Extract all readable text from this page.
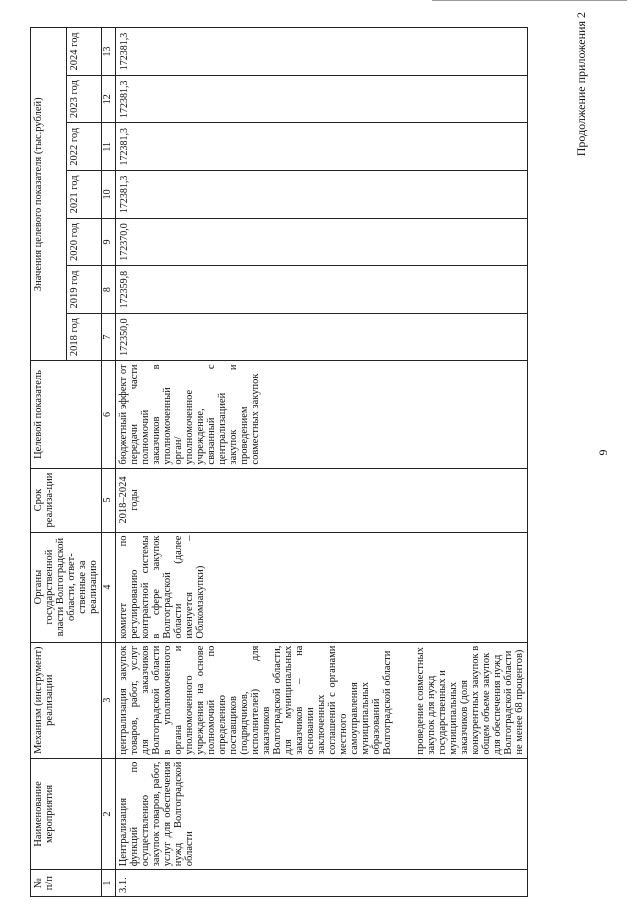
9
Продолжение приложения 2
№ п/п	Наименование мероприятия	Механизм (инструмент) реализации	Органы государственной власти Волгоградской области, ответ-ственные за реализацию	Срок реализа-ции	Целевой показатель	Значения целевого показателя (тыс.рублей)						
						2018 год	2019 год	2020 год	2021 год	2022 год	2023 год	2024 год
1	2	3	4	5	6	7	8	9	10	11	12	13
3.1.	Централизация функций по осуществлению закупок товаров, работ, услуг для обеспечения нужд Волгоградской области	централизация закупок товаров, работ, услуг для заказчиков Волгоградской области в уполномоченного органа и уполномоченного учреждения на основе полномочий по определению поставщиков (подрядчиков, исполнителей) для заказчиков Волгоградской области, для муниципальных заказчиков – на основании заключенных соглашений с органами местного самоуправления муниципальных образований Волгоградской области проведение совместных закупок для нужд государственных и муниципальных заказчиков (доля конкурентных закупок в общем объеме закупок для обеспечения нужд Волгоградской области не менее 68 процентов)	комитет по регулированию контрактной системы в сфере закупок Волгоградской области (далее именуется – Облкомзакупки)	2018–2024 годы	бюджетный эффект от передачи части полномочий заказчиков в уполномоченный орган/ уполномоченное учреждение, связанный с централизацией закупок и проведением совместных закупок	172350,0	172359,8	172370,0	172381,3	172381,3	172381,3	172381,3
